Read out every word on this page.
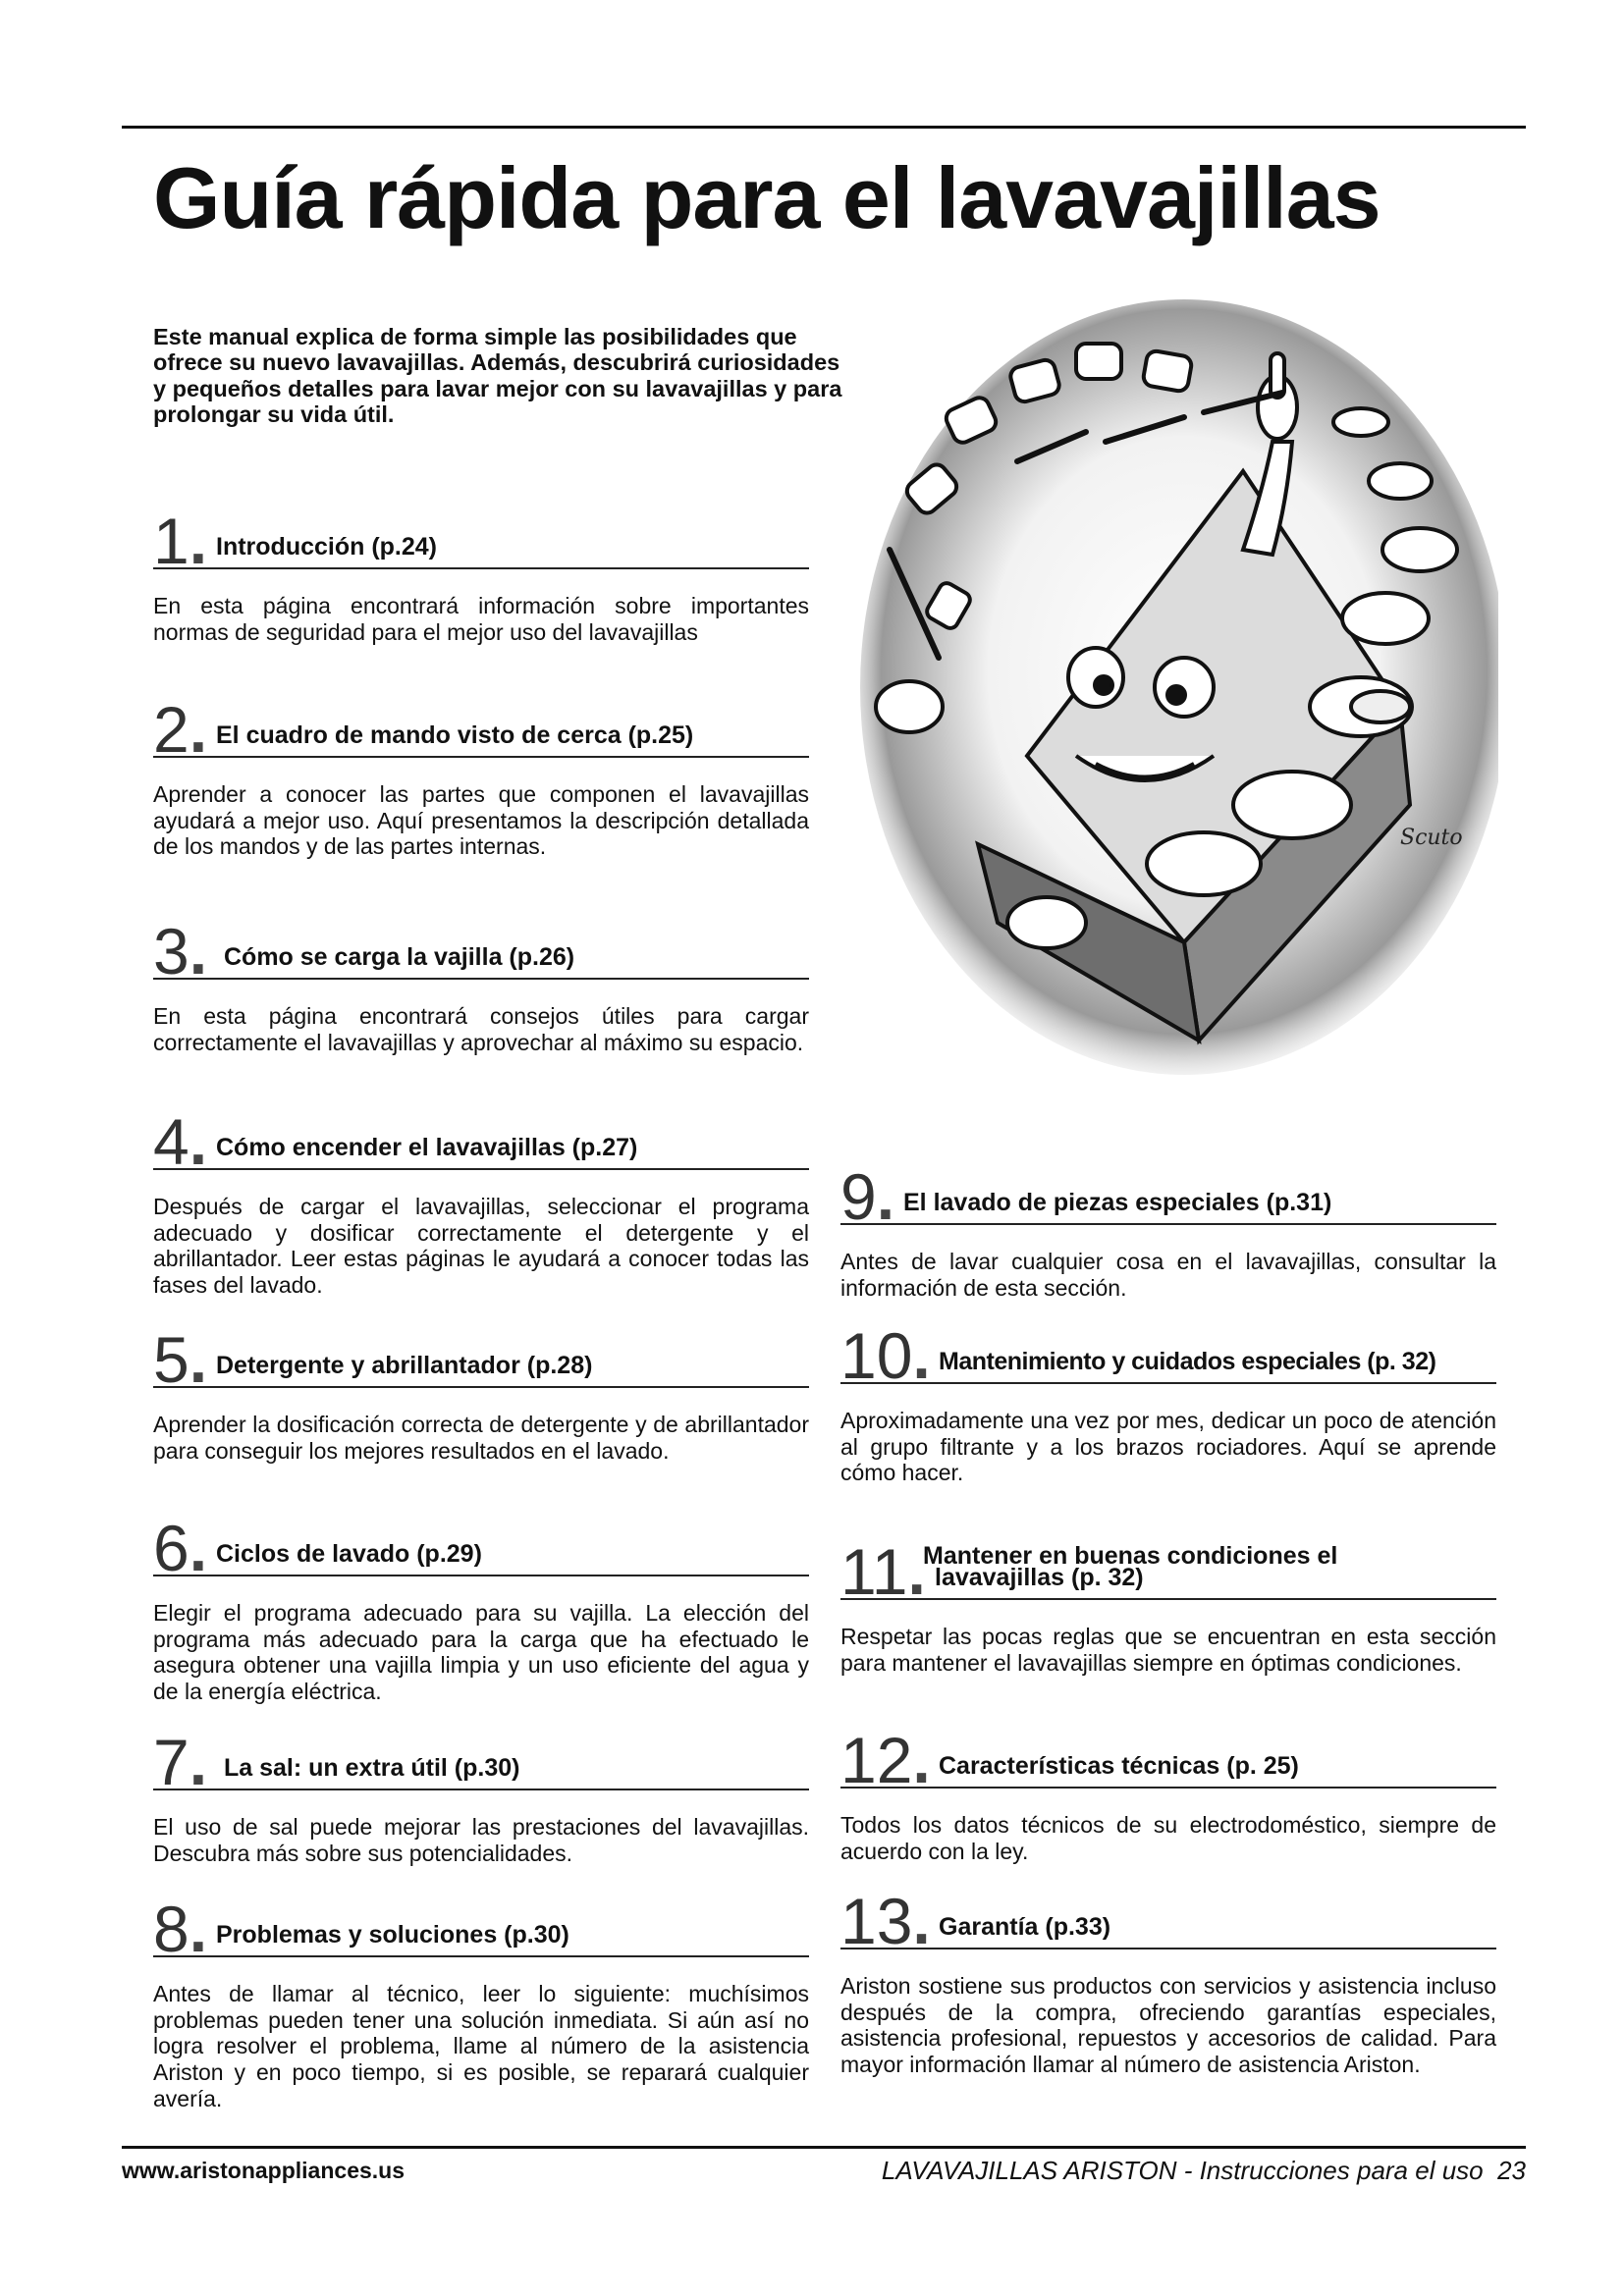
Guía rápida para el lavavajillas

Este manual explica de forma simple las posibilidades que ofrece su nuevo lavavajillas. Además, descubrirá curiosidades y pequeños detalles para lavar mejor con su lavavajillas y para prolongar su vida útil.

Scuto
1. Introducción (p.24)

En esta página encontrará información sobre importantes normas de seguridad para el mejor uso del lavavajillas

2. El cuadro de mando visto de cerca (p.25)

Aprender a conocer las partes que componen el lavavajillas ayudará a mejor uso. Aquí presentamos la descripción detallada de los mandos y de las partes internas.

3. Cómo se carga la vajilla (p.26)

En esta página encontrará consejos útiles para cargar correctamente el lavavajillas y aprovechar al máximo su espacio.

4. Cómo encender el lavavajillas (p.27)

Después de cargar el lavavajillas, seleccionar el programa adecuado y dosificar correctamente el detergente y el abrillantador. Leer estas páginas le ayudará a conocer todas las fases del lavado.

5. Detergente y abrillantador (p.28)

Aprender la dosificación correcta de detergente y de abrillantador para conseguir los mejores resultados en el lavado.

6. Ciclos de lavado (p.29)

Elegir el programa adecuado para su vajilla. La elección del programa más adecuado para la carga que ha efectuado le asegura obtener una vajilla limpia y un uso eficiente del agua y de la energía eléctrica.

7. La sal: un extra útil (p.30)

El uso de sal puede mejorar las prestaciones del lavavajillas. Descubra más sobre sus potencialidades.

8. Problemas y soluciones (p.30)

Antes de llamar al técnico, leer lo siguiente: muchísimos problemas pueden tener una solución inmediata. Si aún así no logra resolver el problema, llame al número de la asistencia Ariston y en poco tiempo, si es posible, se reparará cualquier avería.

9. El lavado de piezas especiales (p.31)

Antes de lavar cualquier cosa en el lavavajillas, consultar la información de esta sección.

10. Mantenimiento y cuidados especiales (p. 32)

Aproximadamente una vez por mes, dedicar un poco de atención al grupo filtrante y a los brazos rociadores. Aquí se aprende cómo hacer.

11.
Mantener en buenas condiciones el
lavavajillas (p. 32)

Respetar las pocas reglas que se encuentran en esta sección para mantener el lavavajillas siempre en óptimas condiciones.

12. Características técnicas (p. 25)

Todos los datos técnicos de su electrodoméstico, siempre de acuerdo con la ley.

13. Garantía (p.33)

Ariston sostiene sus productos con servicios y asistencia incluso después de la compra, ofreciendo garantías especiales, asistencia profesional, repuestos y accesorios de calidad. Para mayor información llamar al número de asistencia Ariston.

www.aristonappliances.us	LAVAVAJILLAS ARISTON - Instrucciones para el uso 23
